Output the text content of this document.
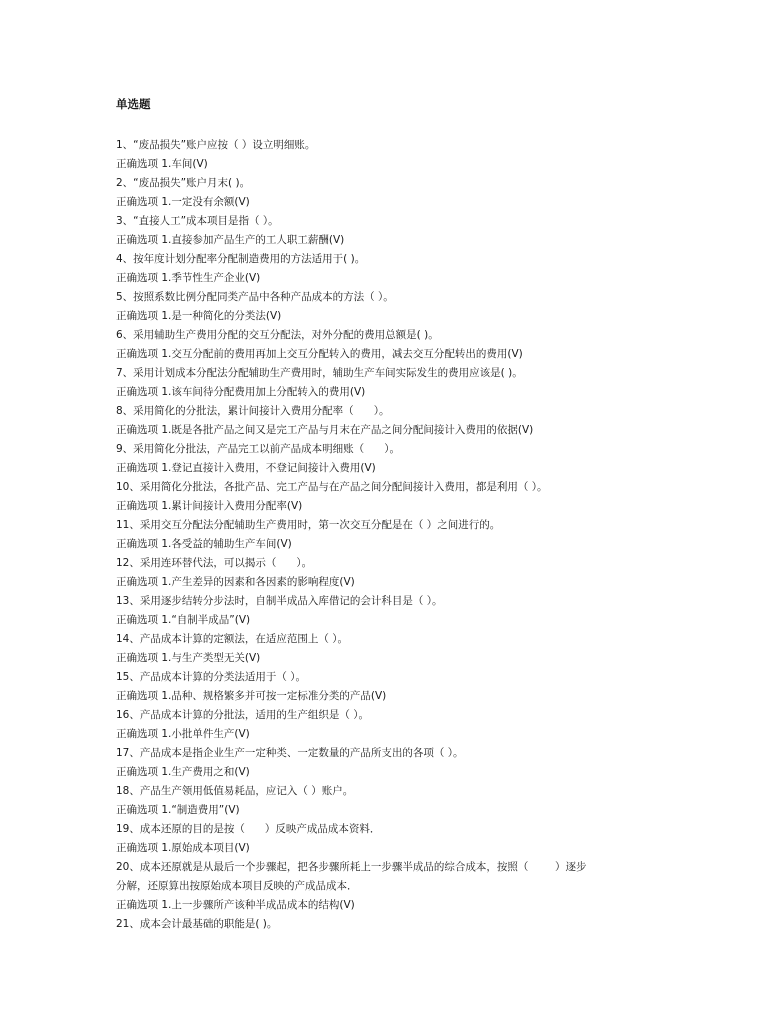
单选题
1、“废品损失”账户应按（ ）设立明细账。
正确选项 1.车间(V)
2、“废品损失”账户月末( )。
正确选项 1.一定没有余额(V)
3、“直接人工”成本项目是指（ ）。
正确选项 1.直接参加产品生产的工人职工薪酬(V)
4、按年度计划分配率分配制造费用的方法适用于( )。
正确选项 1.季节性生产企业(V)
5、按照系数比例分配同类产品中各种产品成本的方法（ ）。
正确选项 1.是一种简化的分类法(V)
6、采用辅助生产费用分配的交互分配法，对外分配的费用总额是( )。
正确选项 1.交互分配前的费用再加上交互分配转入的费用，减去交互分配转出的费用(V)
7、采用计划成本分配法分配辅助生产费用时，辅助生产车间实际发生的费用应该是( )。
正确选项 1.该车间待分配费用加上分配转入的费用(V)
8、采用简化的分批法，累计间接计入费用分配率（      ）。
正确选项 1.既是各批产品之间又是完工产品与月末在产品之间分配间接计入费用的依据(V)
9、采用简化分批法，产品完工以前产品成本明细账（      ）。
正确选项 1.登记直接计入费用，不登记间接计入费用(V)
10、采用简化分批法，各批产品、完工产品与在产品之间分配间接计入费用，都是利用（ ）。
正确选项 1.累计间接计入费用分配率(V)
11、采用交互分配法分配辅助生产费用时，第一次交互分配是在（ ）之间进行的。
正确选项 1.各受益的辅助生产车间(V)
12、采用连环替代法，可以揭示（      ）。
正确选项 1.产生差异的因素和各因素的影响程度(V)
13、采用逐步结转分步法时，自制半成品入库借记的会计科目是（ ）。
正确选项 1.“自制半成品”(V)
14、产品成本计算的定额法，在适应范围上（ ）。
正确选项 1.与生产类型无关(V)
15、产品成本计算的分类法适用于（ ）。
正确选项 1.品种、规格繁多并可按一定标准分类的产品(V)
16、产品成本计算的分批法，适用的生产组织是（ ）。
正确选项 1.小批单件生产(V)
17、产品成本是指企业生产一定种类、一定数量的产品所支出的各项（ ）。
正确选项 1.生产费用之和(V)
18、产品生产领用低值易耗品，应记入（ ）账户。
正确选项 1.“制造费用”(V)
19、成本还原的目的是按（      ）反映产成品成本资料．
正确选项 1.原始成本项目(V)
20、成本还原就是从最后一个步骤起，把各步骤所耗上一步骤半成品的综合成本，按照（        ）逐步
分解，还原算出按原始成本项目反映的产成品成本．
正确选项 1.上一步骤所产该种半成品成本的结构(V)
21、成本会计最基础的职能是( )。
